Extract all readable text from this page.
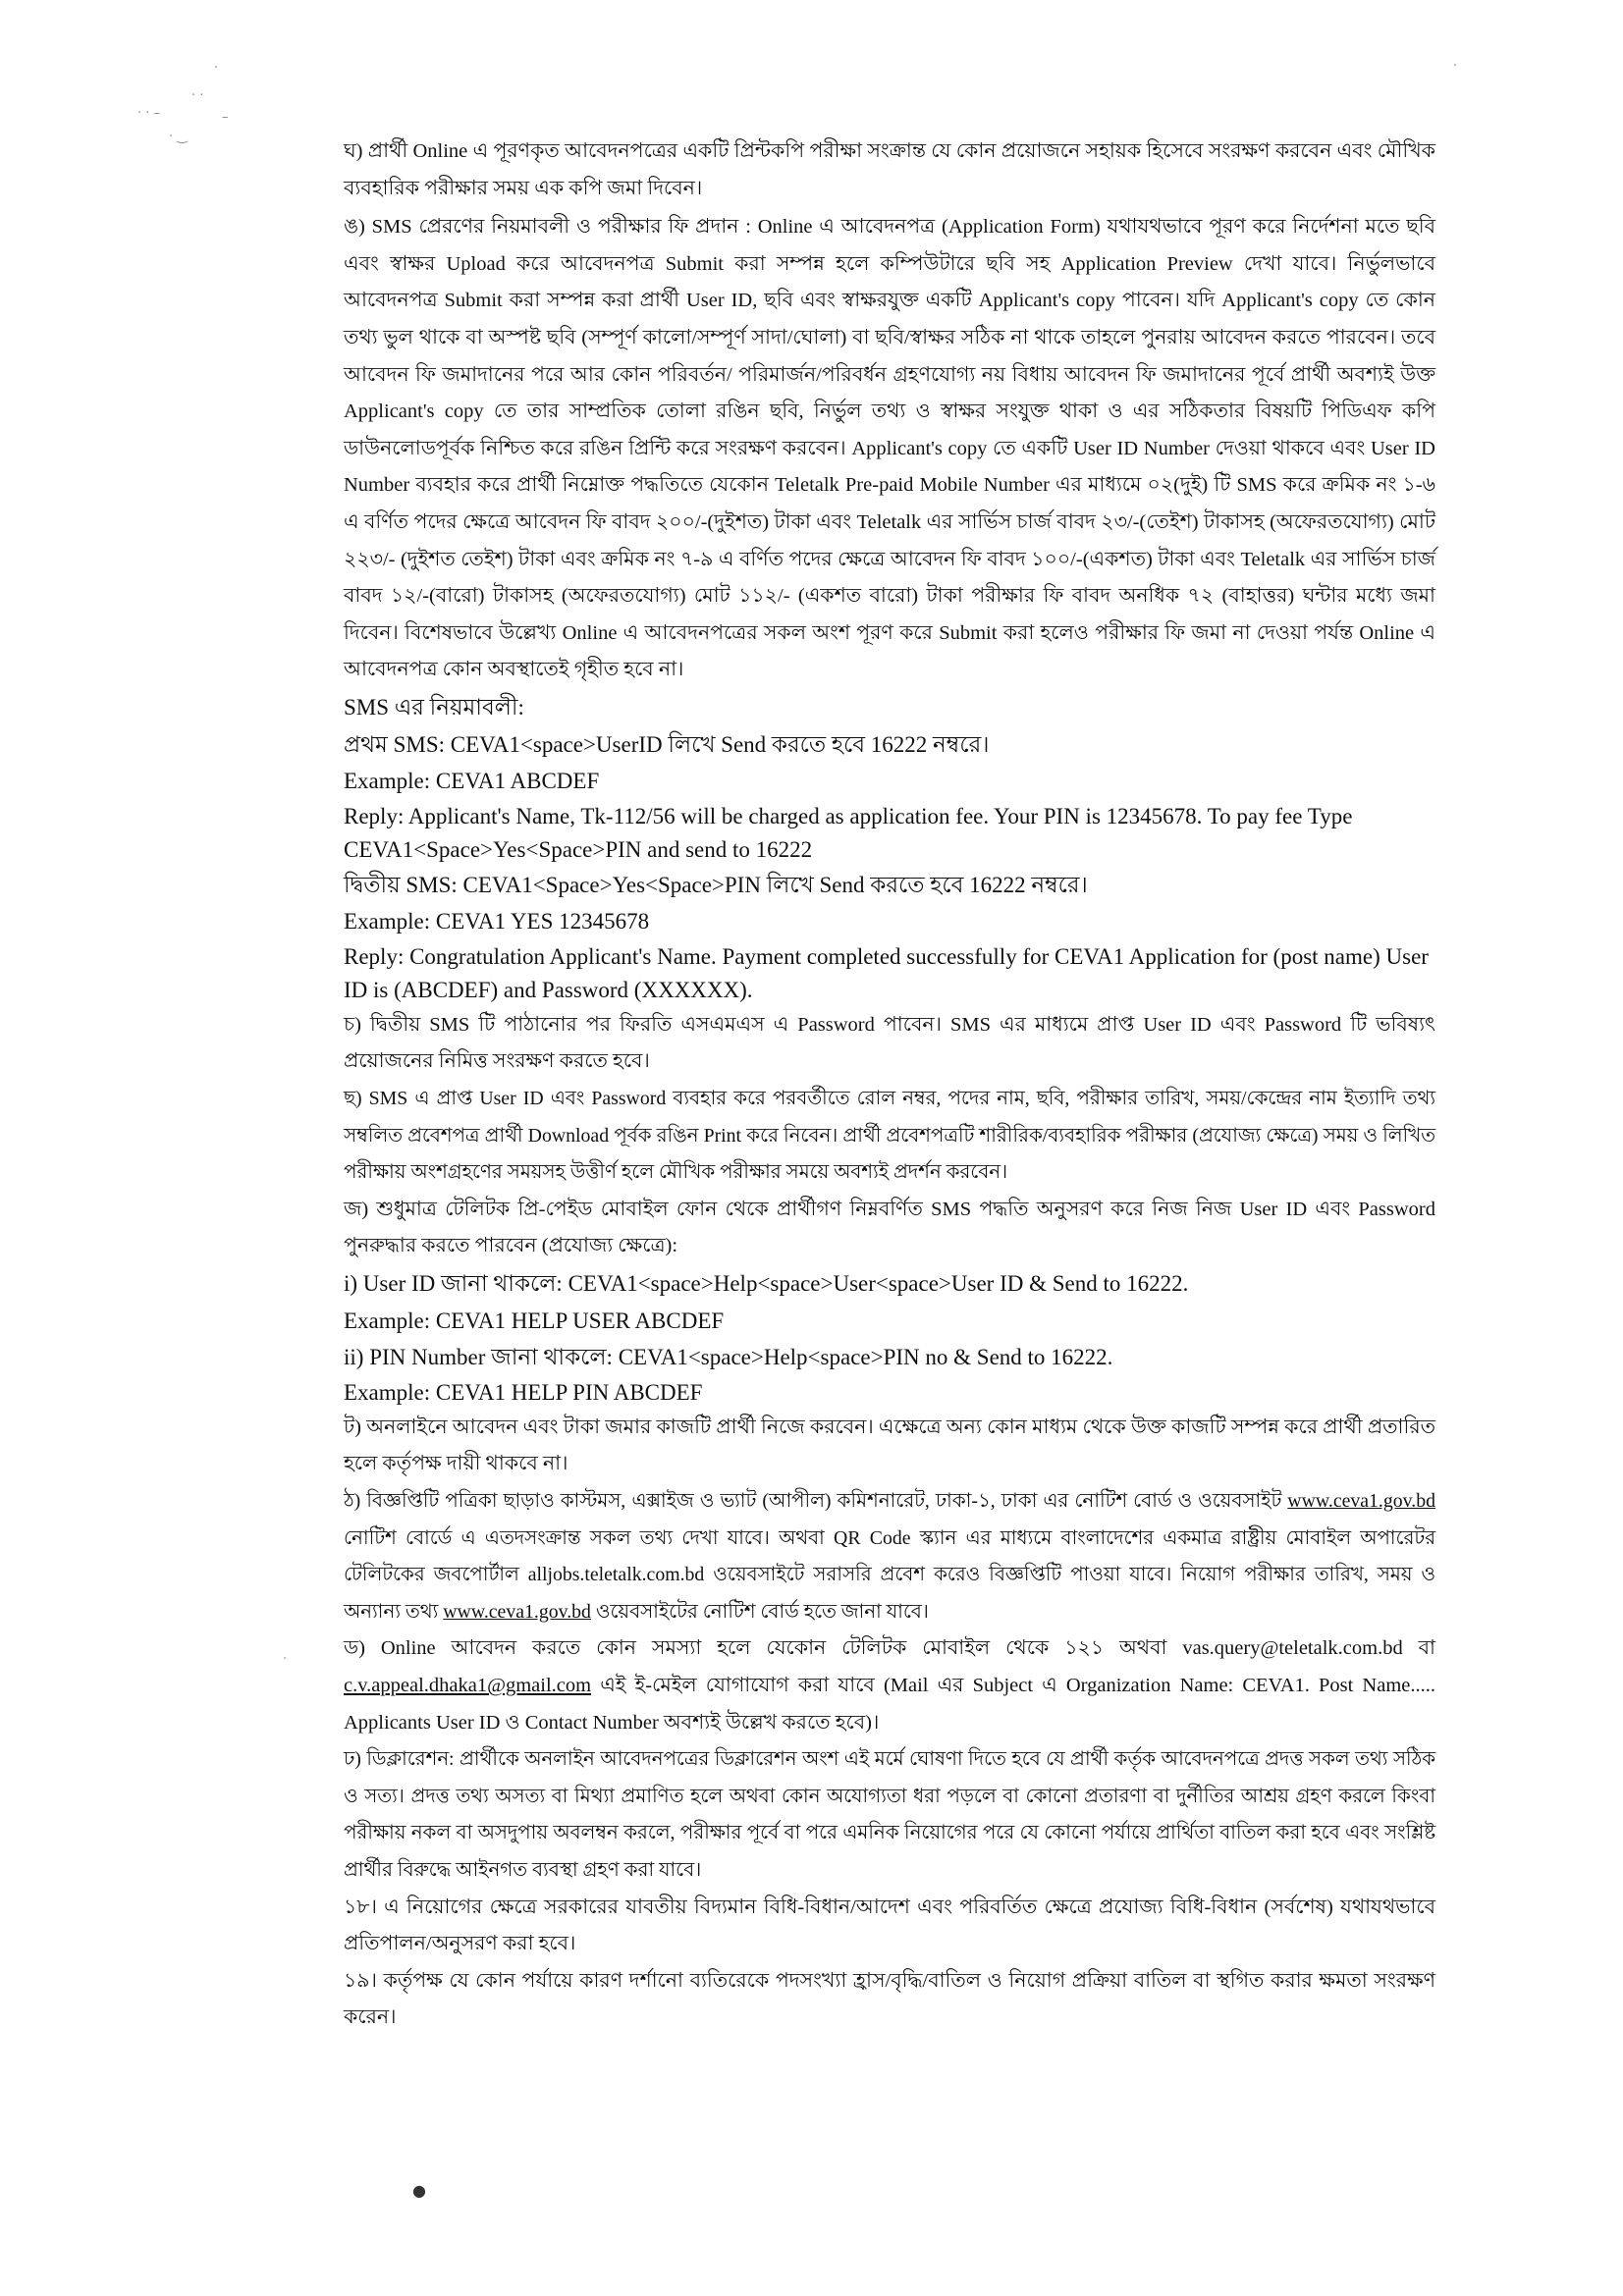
·
· ·
· · –
· ‿
–
·
˯
●

ঘ) প্রার্থী Online এ পূরণকৃত আবেদনপত্রের একটি প্রিন্টকপি পরীক্ষা সংক্রান্ত যে কোন প্রয়োজনে সহায়ক হিসেবে সংরক্ষণ করবেন এবং মৌখিক ব্যবহারিক পরীক্ষার সময় এক কপি জমা দিবেন।

ঙ) SMS প্রেরণের নিয়মাবলী ও পরীক্ষার ফি প্রদান : Online এ আবেদনপত্র (Application Form) যথাযথভাবে পূরণ করে নির্দেশনা মতে ছবি এবং স্বাক্ষর Upload করে আবেদনপত্র Submit করা সম্পন্ন হলে কম্পিউটারে ছবি সহ Application Preview দেখা যাবে। নির্ভুলভাবে আবেদনপত্র Submit করা সম্পন্ন করা প্রার্থী User ID, ছবি এবং স্বাক্ষরযুক্ত একটি Applicant's copy পাবেন। যদি Applicant's copy তে কোন তথ্য ভুল থাকে বা অস্পষ্ট ছবি (সম্পূর্ণ কালো/সম্পূর্ণ সাদা/ঘোলা) বা ছবি/স্বাক্ষর সঠিক না থাকে তাহলে পুনরায় আবেদন করতে পারবেন। তবে আবেদন ফি জমাদানের পরে আর কোন পরিবর্তন/ পরিমার্জন/পরিবর্ধন গ্রহণযোগ্য নয় বিধায় আবেদন ফি জমাদানের পূর্বে প্রার্থী অবশ্যই উক্ত Applicant's copy তে তার সাম্প্রতিক তোলা রঙিন ছবি, নির্ভুল তথ্য ও স্বাক্ষর সংযুক্ত থাকা ও এর সঠিকতার বিষয়টি পিডিএফ কপি ডাউনলোডপূর্বক নিশ্চিত করে রঙিন প্রিন্টি করে সংরক্ষণ করবেন। Applicant's copy তে একটি User ID Number দেওয়া থাকবে এবং User ID Number ব্যবহার করে প্রার্থী নিম্নোক্ত পদ্ধতিতে যেকোন Teletalk Pre-paid Mobile Number এর মাধ্যমে ০২(দুই) টি SMS করে ক্রমিক নং ১-৬ এ বর্ণিত পদের ক্ষেত্রে আবেদন ফি বাবদ ২০০/-(দুইশত) টাকা এবং Teletalk এর সার্ভিস চার্জ বাবদ ২৩/-(তেইশ) টাকাসহ (অফেরতযোগ্য) মোট ২২৩/- (দুইশত তেইশ) টাকা এবং ক্রমিক নং ৭-৯ এ বর্ণিত পদের ক্ষেত্রে আবেদন ফি বাবদ ১০০/-(একশত) টাকা এবং Teletalk এর সার্ভিস চার্জ বাবদ ১২/-(বারো) টাকাসহ (অফেরতযোগ্য) মোট ১১২/- (একশত বারো) টাকা পরীক্ষার ফি বাবদ অনধিক ৭২ (বাহাত্তর) ঘন্টার মধ্যে জমা দিবেন। বিশেষভাবে উল্লেখ্য Online এ আবেদনপত্রের সকল অংশ পূরণ করে Submit করা হলেও পরীক্ষার ফি জমা না দেওয়া পর্যন্ত Online এ আবেদনপত্র কোন অবস্থাতেই গৃহীত হবে না।

SMS এর নিয়মাবলী:

প্রথম SMS: CEVA1<space>UserID লিখে Send করতে হবে 16222 নম্বরে।

Example: CEVA1 ABCDEF

Reply: Applicant's Name, Tk-112/56 will be charged as application fee. Your PIN is 12345678. To pay fee Type CEVA1<Space>Yes<Space>PIN and send to 16222

দ্বিতীয় SMS: CEVA1<Space>Yes<Space>PIN লিখে Send করতে হবে 16222 নম্বরে।

Example: CEVA1 YES 12345678

Reply: Congratulation Applicant's Name. Payment completed successfully for CEVA1 Application for (post name) User ID is (ABCDEF) and Password (XXXXXX).

চ) দ্বিতীয় SMS টি পাঠানোর পর ফিরতি এসএমএস এ Password পাবেন। SMS এর মাধ্যমে প্রাপ্ত User ID এবং Password টি ভবিষ্যৎ প্রয়োজনের নিমিত্ত সংরক্ষণ করতে হবে।

ছ) SMS এ প্রাপ্ত User ID এবং Password ব্যবহার করে পরবর্তীতে রোল নম্বর, পদের নাম, ছবি, পরীক্ষার তারিখ, সময়/কেন্দ্রের নাম ইত্যাদি তথ্য সম্বলিত প্রবেশপত্র প্রার্থী Download পূর্বক রঙিন Print করে নিবেন। প্রার্থী প্রবেশপত্রটি শারীরিক/ব্যবহারিক পরীক্ষার (প্রযোজ্য ক্ষেত্রে) সময় ও লিখিত পরীক্ষায় অংশগ্রহণের সময়সহ উত্তীর্ণ হলে মৌখিক পরীক্ষার সময়ে অবশ্যই প্রদর্শন করবেন।

জ) শুধুমাত্র টেলিটক প্রি-পেইড মোবাইল ফোন থেকে প্রার্থীগণ নিম্নবর্ণিত SMS পদ্ধতি অনুসরণ করে নিজ নিজ User ID এবং Password পুনরুদ্ধার করতে পারবেন (প্রযোজ্য ক্ষেত্রে):

i) User ID জানা থাকলে: CEVA1<space>Help<space>User<space>User ID & Send to 16222.

Example: CEVA1 HELP USER ABCDEF

ii) PIN Number জানা থাকলে: CEVA1<space>Help<space>PIN no & Send to 16222.

Example: CEVA1 HELP PIN ABCDEF

ট) অনলাইনে আবেদন এবং টাকা জমার কাজটি প্রার্থী নিজে করবেন। এক্ষেত্রে অন্য কোন মাধ্যম থেকে উক্ত কাজটি সম্পন্ন করে প্রার্থী প্রতারিত হলে কর্তৃপক্ষ দায়ী থাকবে না।

ঠ) বিজ্ঞপ্তিটি পত্রিকা ছাড়াও কাস্টমস, এক্সাইজ ও ভ্যাট (আপীল) কমিশনারেট, ঢাকা-১, ঢাকা এর নোটিশ বোর্ড ও ওয়েবসাইট www.ceva1.gov.bd নোটিশ বোর্ডে এ এতদসংক্রান্ত সকল তথ্য দেখা যাবে। অথবা QR Code স্ক্যান এর মাধ্যমে বাংলাদেশের একমাত্র রাষ্ট্রীয় মোবাইল অপারেটর টেলিটকের জবপোর্টাল alljobs.teletalk.com.bd ওয়েবসাইটে সরাসরি প্রবেশ করেও বিজ্ঞপ্তিটি পাওয়া যাবে। নিয়োগ পরীক্ষার তারিখ, সময় ও অন্যান্য তথ্য www.ceva1.gov.bd ওয়েবসাইটের নোটিশ বোর্ড হতে জানা যাবে।

ড) Online আবেদন করতে কোন সমস্যা হলে যেকোন টেলিটক মোবাইল থেকে ১২১ অথবা vas.query@teletalk.com.bd বা c.v.appeal.dhaka1@gmail.com এই ই-মেইল যোগাযোগ করা যাবে (Mail এর Subject এ Organization Name: CEVA1. Post Name..... Applicants User ID ও Contact Number অবশ্যই উল্লেখ করতে হবে)।

ঢ) ডিক্লারেশন: প্রার্থীকে অনলাইন আবেদনপত্রের ডিক্লারেশন অংশ এই মর্মে ঘোষণা দিতে হবে যে প্রার্থী কর্তৃক আবেদনপত্রে প্রদত্ত সকল তথ্য সঠিক ও সত্য। প্রদত্ত তথ্য অসত্য বা মিথ্যা প্রমাণিত হলে অথবা কোন অযোগ্যতা ধরা পড়লে বা কোনো প্রতারণা বা দুর্নীতির আশ্রয় গ্রহণ করলে কিংবা পরীক্ষায় নকল বা অসদুপায় অবলম্বন করলে, পরীক্ষার পূর্বে বা পরে এমনিক নিয়োগের পরে যে কোনো পর্যায়ে প্রার্থিতা বাতিল করা হবে এবং সংশ্লিষ্ট প্রার্থীর বিরুদ্ধে আইনগত ব্যবস্থা গ্রহণ করা যাবে।

১৮। এ নিয়োগের ক্ষেত্রে সরকারের যাবতীয় বিদ্যমান বিধি-বিধান/আদেশ এবং পরিবর্তিত ক্ষেত্রে প্রযোজ্য বিধি-বিধান (সর্বশেষ) যথাযথভাবে প্রতিপালন/অনুসরণ করা হবে।

১৯। কর্তৃপক্ষ যে কোন পর্যায়ে কারণ দর্শানো ব্যতিরেকে পদসংখ্যা হ্রাস/বৃদ্ধি/বাতিল ও নিয়োগ প্রক্রিয়া বাতিল বা স্থগিত করার ক্ষমতা সংরক্ষণ করেন।
